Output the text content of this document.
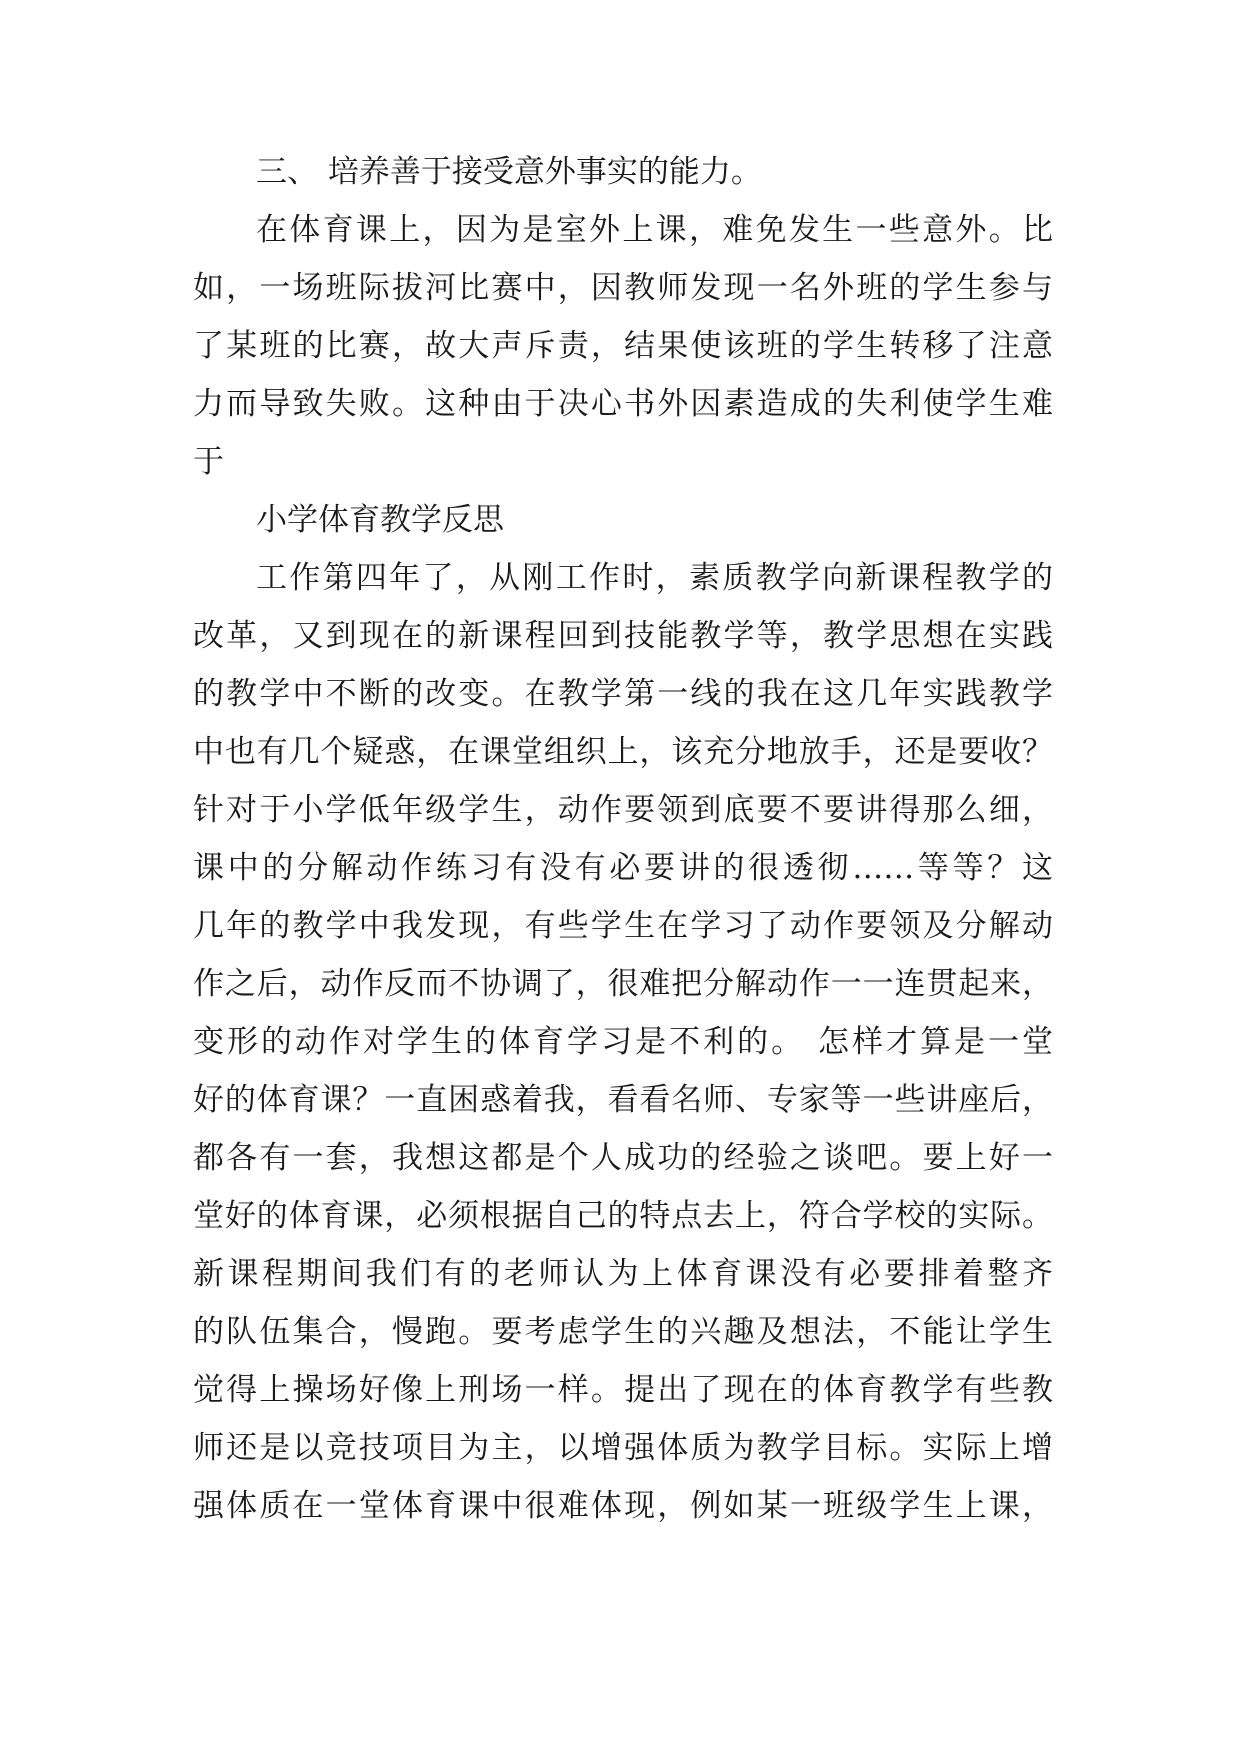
三、 培养善于接受意外事实的能力。
在体育课上，因为是室外上课，难免发生一些意外。比
如，一场班际拔河比赛中，因教师发现一名外班的学生参与
了某班的比赛，故大声斥责，结果使该班的学生转移了注意
力而导致失败。这种由于决心书外因素造成的失利使学生难
于
小学体育教学反思
工作第四年了，从刚工作时，素质教学向新课程教学的
改革，又到现在的新课程回到技能教学等，教学思想在实践
的教学中不断的改变。在教学第一线的我在这几年实践教学
中也有几个疑惑，在课堂组织上，该充分地放手，还是要收？
针对于小学低年级学生，动作要领到底要不要讲得那么细，
课中的分解动作练习有没有必要讲的很透彻……等等？这
几年的教学中我发现，有些学生在学习了动作要领及分解动
作之后，动作反而不协调了，很难把分解动作一一连贯起来，
变形的动作对学生的体育学习是不利的。 怎样才算是一堂
好的体育课？一直困惑着我，看看名师、专家等一些讲座后，
都各有一套，我想这都是个人成功的经验之谈吧。要上好一
堂好的体育课，必须根据自己的特点去上，符合学校的实际。
新课程期间我们有的老师认为上体育课没有必要排着整齐
的队伍集合，慢跑。要考虑学生的兴趣及想法，不能让学生
觉得上操场好像上刑场一样。提出了现在的体育教学有些教
师还是以竞技项目为主，以增强体质为教学目标。实际上增
强体质在一堂体育课中很难体现，例如某一班级学生上课，
